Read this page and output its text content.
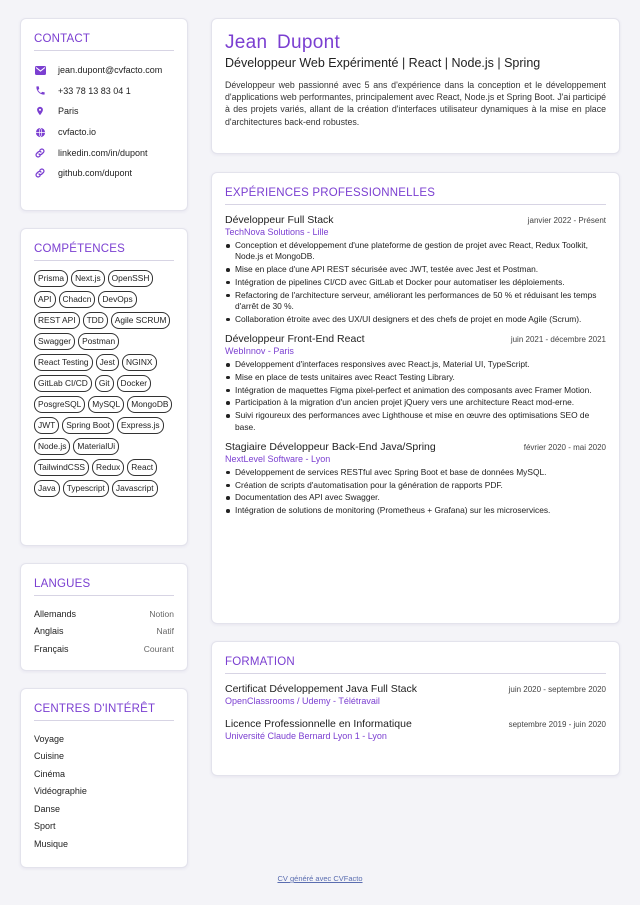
CONTACT
jean.dupont@cvfacto.com
+33 78 13 83 04 1
Paris
cvfacto.io
linkedin.com/in/dupont
github.com/dupont
COMPÉTENCES
Prisma	Next.js	OpenSSH
API	Chadcn	DevOps
REST API	TDD	Agile SCRUM
Swagger	Postman
React Testing	Jest	NGINX
GitLab CI/CD	Git	Docker
PosgreSQL	MySQL	MongoDB
JWT	Spring Boot	Express.js
Node.js	MaterialUi
TailwindCSS	Redux	React
Java	Typescript	Javascript
LANGUES
Allemands	Notion
Anglais	Natif
Français	Courant
CENTRES D'INTÉRÊT
Voyage
Cuisine
Cinéma
Vidéographie
Danse
Sport
Musique
Jean Dupont
Développeur Web Expérimenté | React | Node.js | Spring
Développeur web passionné avec 5 ans d'expérience dans la conception et le développement d'applications web performantes, principalement avec React, Node.js et Spring Boot. J'ai participé à des projets variés, allant de la création d'interfaces utilisateur dynamiques à la mise en place d'architectures back-end robustes.
EXPÉRIENCES PROFESSIONNELLES
Développeur Full Stack	janvier 2022 - Présent
TechNova Solutions - Lille
Conception et développement d'une plateforme de gestion de projet avec React, Redux Toolkit, Node.js et MongoDB.
Mise en place d'une API REST sécurisée avec JWT, testée avec Jest et Postman.
Intégration de pipelines CI/CD avec GitLab et Docker pour automatiser les déploiements.
Refactoring de l'architecture serveur, améliorant les performances de 50 % et réduisant les temps d'arrêt de 30 %.
Collaboration étroite avec des UX/UI designers et des chefs de projet en mode Agile (Scrum).
Développeur Front-End React	juin 2021 - décembre 2021
WebInnov - Paris
Développement d'interfaces responsives avec React.js, Material UI, TypeScript.
Mise en place de tests unitaires avec React Testing Library.
Intégration de maquettes Figma pixel-perfect et animation des composants avec Framer Motion.
Participation à la migration d'un ancien projet jQuery vers une architecture React mod-erne.
Suivi rigoureux des performances avec Lighthouse et mise en œuvre des optimisations SEO de base.
Stagiaire Développeur Back-End Java/Spring	février 2020 - mai 2020
NextLevel Software - Lyon
Développement de services RESTful avec Spring Boot et base de données MySQL.
Création de scripts d'automatisation pour la génération de rapports PDF.
Documentation des API avec Swagger.
Intégration de solutions de monitoring (Prometheus + Grafana) sur les microservices.
FORMATION
Certificat Développement Java Full Stack	juin 2020 - septembre 2020
OpenClassrooms / Udemy - Télétravail
Licence Professionnelle en Informatique	septembre 2019 - juin 2020
Université Claude Bernard Lyon 1 - Lyon
CV généré avec CVFacto
